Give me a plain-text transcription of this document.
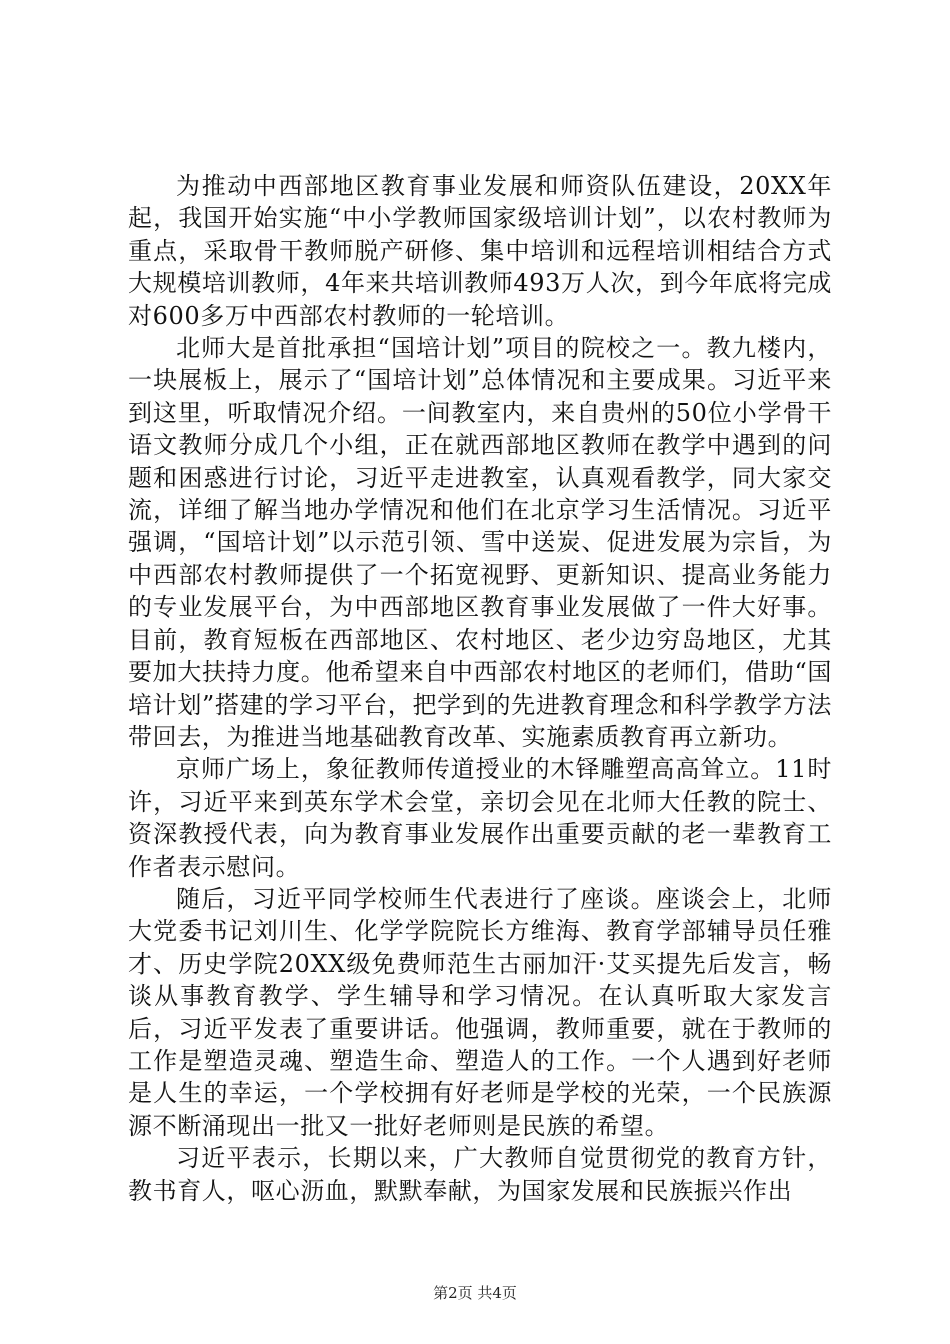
为推动中西部地区教育事业发展和师资队伍建设，20XX年起，我国开始实施“中小学教师国家级培训计划”，以农村教师为重点，采取骨干教师脱产研修、集中培训和远程培训相结合方式大规模培训教师，4年来共培训教师493万人次，到今年底将完成对600多万中西部农村教师的一轮培训。

北师大是首批承担“国培计划”项目的院校之一。教九楼内，一块展板上，展示了“国培计划”总体情况和主要成果。习近平来到这里，听取情况介绍。一间教室内，来自贵州的50位小学骨干语文教师分成几个小组，正在就西部地区教师在教学中遇到的问题和困惑进行讨论，习近平走进教室，认真观看教学，同大家交流，详细了解当地办学情况和他们在北京学习生活情况。习近平强调，“国培计划”以示范引领、雪中送炭、促进发展为宗旨，为中西部农村教师提供了一个拓宽视野、更新知识、提高业务能力的专业发展平台，为中西部地区教育事业发展做了一件大好事。目前，教育短板在西部地区、农村地区、老少边穷岛地区，尤其要加大扶持力度。他希望来自中西部农村地区的老师们，借助“国培计划”搭建的学习平台，把学到的先进教育理念和科学教学方法带回去，为推进当地基础教育改革、实施素质教育再立新功。

京师广场上，象征教师传道授业的木铎雕塑高高耸立。11时许，习近平来到英东学术会堂，亲切会见在北师大任教的院士、资深教授代表，向为教育事业发展作出重要贡献的老一辈教育工作者表示慰问。

随后，习近平同学校师生代表进行了座谈。座谈会上，北师大党委书记刘川生、化学学院院长方维海、教育学部辅导员任雅才、历史学院20XX级免费师范生古丽加汗·艾买提先后发言，畅谈从事教育教学、学生辅导和学习情况。在认真听取大家发言后，习近平发表了重要讲话。他强调，教师重要，就在于教师的工作是塑造灵魂、塑造生命、塑造人的工作。一个人遇到好老师是人生的幸运，一个学校拥有好老师是学校的光荣，一个民族源源不断涌现出一批又一批好老师则是民族的希望。

习近平表示，长期以来，广大教师自觉贯彻党的教育方针，教书育人，呕心沥血，默默奉献，为国家发展和民族振兴作出

第2页 共4页
